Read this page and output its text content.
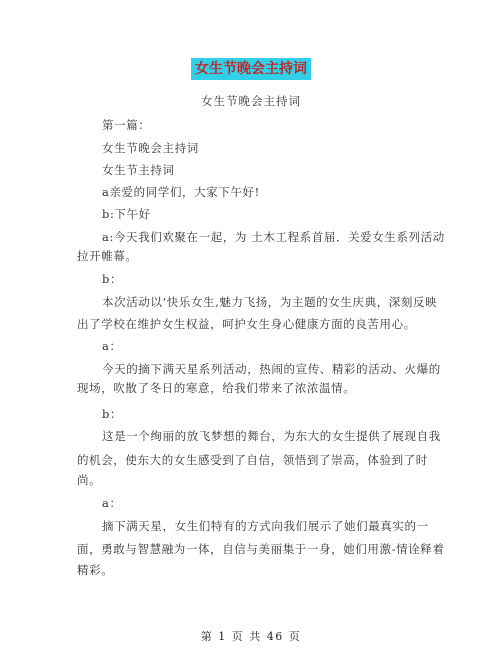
女生节晚会主持词
女生节晚会主持词
第一篇：
女生节晚会主持词
女生节主持词
a亲爱的同学们，大家下午好!
b:下午好
a:今天我们欢聚在一起，为 土木工程系首届．关爱女生系列活动
拉开帷幕。
b：
本次活动以’快乐女生,魅力飞扬，为主题的女生庆典，深刻反映
出了学校在维护女生权益，呵护女生身心健康方面的良苦用心。
a：
今天的摘下满天星系列活动，热闹的宣传、精彩的活动、火爆的
现场，吹散了冬日的寒意，给我们带来了浓浓温情。
b：
这是一个绚丽的放飞梦想的舞台，为东大的女生提供了展现自我
的机会，使东大的女生感受到了自信，领悟到了崇高，体验到了时
尚。
a：
摘下满天星，女生们特有的方式向我们展示了她们最真实的一
面，勇敢与智慧融为一体，自信与美丽集于一身，她们用激-情诠释着
精彩。
第 1 页 共 46 页
